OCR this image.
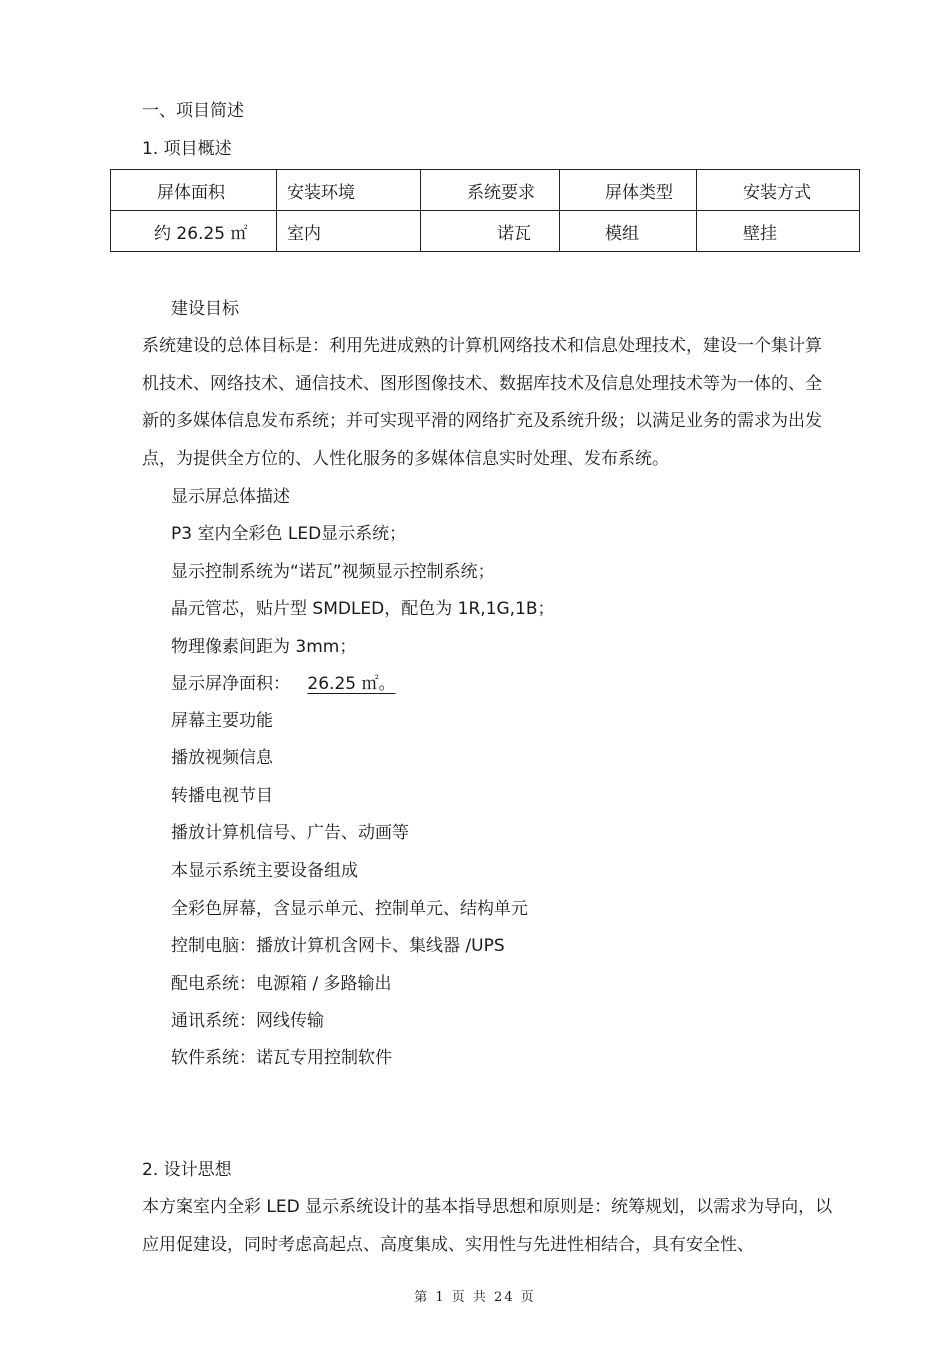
一、项目简述
1. 项目概述
屏体面积	安装环境	系统要求	屏体类型	安装方式
约 26.25 ㎡	室内	诺瓦	模组	壁挂
建设目标
系统建设的总体目标是：利用先进成熟的计算机网络技术和信息处理技术，建设一个集计算机技术、网络技术、通信技术、图形图像技术、数据库技术及信息处理技术等为一体的、全新的多媒体信息发布系统；并可实现平滑的网络扩充及系统升级；以满足业务的需求为出发点，为提供全方位的、人性化服务的多媒体信息实时处理、发布系统。
显示屏总体描述
P3 室内全彩色 LED显示系统；
显示控制系统为“诺瓦”视频显示控制系统；
晶元管芯，贴片型 SMDLED，配色为 1R,1G,1B；
物理像素间距为 3mm；
显示屏净面积： 26.25 ㎡。
屏幕主要功能
播放视频信息
转播电视节目
播放计算机信号、广告、动画等
本显示系统主要设备组成
全彩色屏幕，含显示单元、控制单元、结构单元
控制电脑：播放计算机含网卡、集线器 /UPS
配电系统：电源箱 / 多路输出
通讯系统：网线传输
软件系统：诺瓦专用控制软件
2. 设计思想
本方案室内全彩 LED 显示系统设计的基本指导思想和原则是：统筹规划，以需求为导向，以应用促建设，同时考虑高起点、高度集成、实用性与先进性相结合，具有安全性、
第 1 页 共 24 页
